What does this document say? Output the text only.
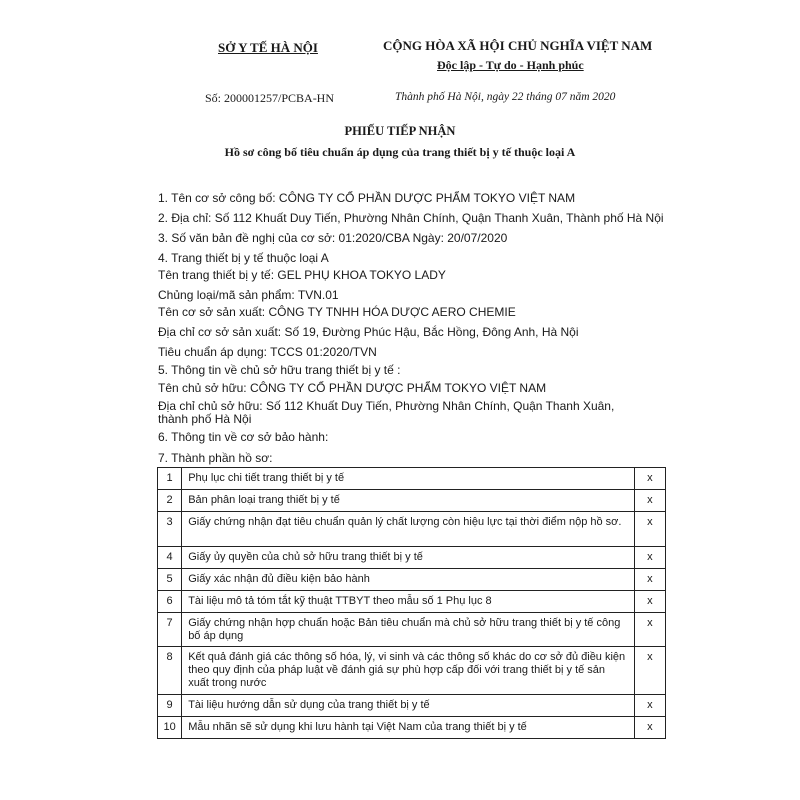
SỞ Y TẾ HÀ NỘI	CỘNG HÒA XÃ HỘI CHỦ NGHĨA VIỆT NAM
Độc lập - Tự do - Hạnh phúc
Số: 200001257/PCBA-HN	Thành phố Hà Nội, ngày 22 tháng 07 năm 2020
PHIẾU TIẾP NHẬN
Hồ sơ công bố tiêu chuẩn áp dụng của trang thiết bị y tế thuộc loại A
1. Tên cơ sở công bố: CÔNG TY CỔ PHẦN DƯỢC PHẨM TOKYO VIỆT NAM
2. Địa chỉ: Số 112 Khuất Duy Tiến, Phường Nhân Chính, Quận Thanh Xuân, Thành phố Hà Nội
3. Số văn bản đề nghị của cơ sở: 01:2020/CBA Ngày: 20/07/2020
4. Trang thiết bị y tế thuộc loại A
Tên trang thiết bị y tế: GEL PHỤ KHOA TOKYO LADY
Chủng loại/mã sản phẩm: TVN.01
Tên cơ sở sản xuất: CÔNG TY TNHH HÓA DƯỢC AERO CHEMIE
Địa chỉ cơ sở sản xuất: Số 19, Đường Phúc Hậu, Bắc Hồng, Đông Anh, Hà Nội
Tiêu chuẩn áp dụng: TCCS 01:2020/TVN
5. Thông tin về chủ sở hữu trang thiết bị y tế :
Tên chủ sở hữu: CÔNG TY CỔ PHẦN DƯỢC PHẨM TOKYO VIỆT NAM
Địa chỉ chủ sở hữu: Số 112 Khuất Duy Tiến, Phường Nhân Chính, Quận Thanh Xuân, thành phố Hà Nội
6. Thông tin về cơ sở bảo hành:
7. Thành phần hồ sơ:
1	Phụ lục chi tiết trang thiết bị y tế	x
2	Bản phân loại trang thiết bị y tế	x
3	Giấy chứng nhận đạt tiêu chuẩn quản lý chất lượng còn hiệu lực tại thời điểm nộp hồ sơ.	x
4	Giấy ủy quyền của chủ sở hữu trang thiết bị y tế	x
5	Giấy xác nhận đủ điều kiện bảo hành	x
6	Tài liệu mô tả tóm tắt kỹ thuật TTBYT theo mẫu số 1 Phụ lục 8	x
7	Giấy chứng nhận hợp chuẩn hoặc Bản tiêu chuẩn mà chủ sở hữu trang thiết bị y tế công bố áp dụng	x
8	Kết quả đánh giá các thông số hóa, lý, vi sinh và các thông số khác do cơ sở đủ điều kiện theo quy định của pháp luật về đánh giá sự phù hợp cấp đối với trang thiết bị y tế sản xuất trong nước	x
9	Tài liệu hướng dẫn sử dụng của trang thiết bị y tế	x
10	Mẫu nhãn sẽ sử dụng khi lưu hành tại Việt Nam của trang thiết bị y tế	x
